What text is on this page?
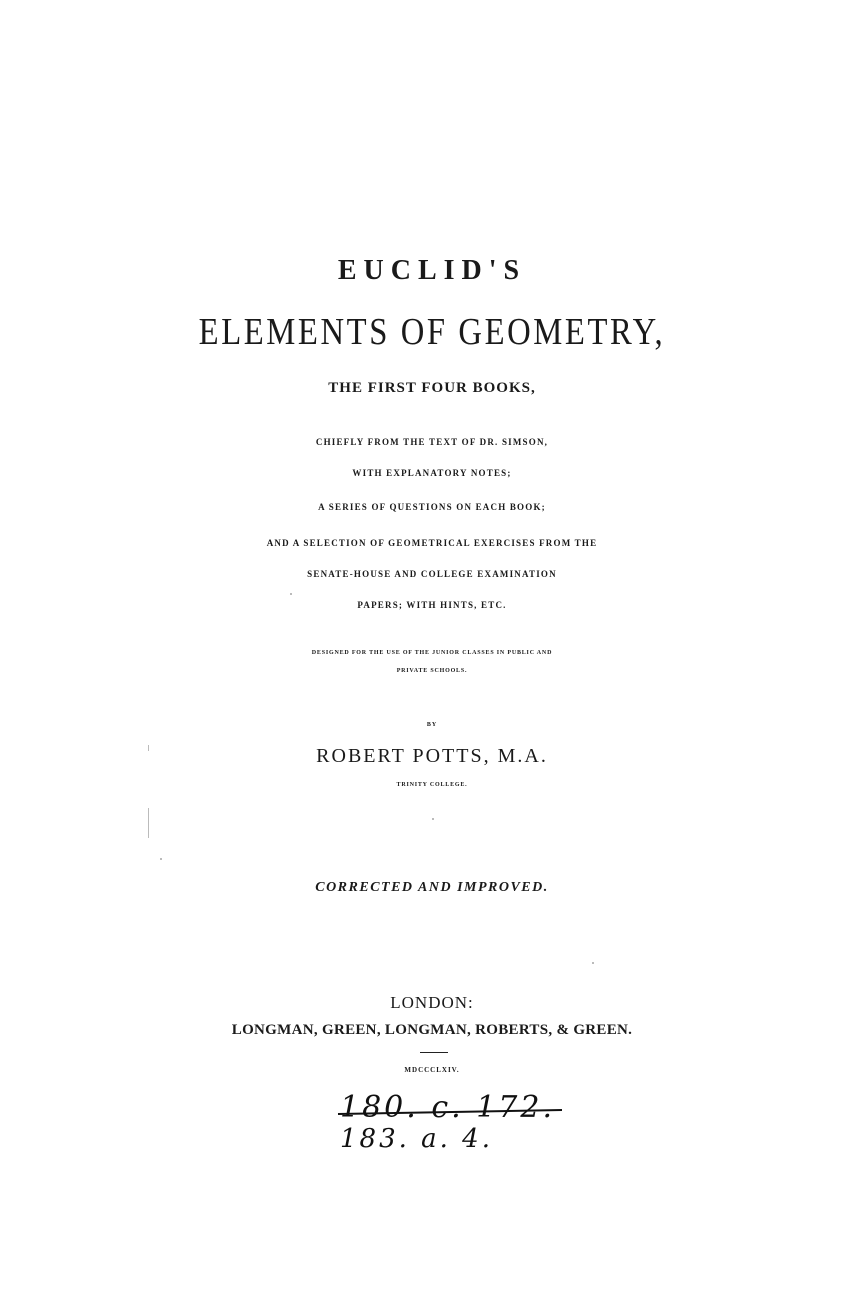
EUCLID'S
ELEMENTS OF GEOMETRY,
THE FIRST FOUR BOOKS,
CHIEFLY FROM THE TEXT OF DR. SIMSON,
WITH EXPLANATORY NOTES;
A SERIES OF QUESTIONS ON EACH BOOK;
AND A SELECTION OF GEOMETRICAL EXERCISES FROM THE
SENATE-HOUSE AND COLLEGE EXAMINATION
PAPERS; WITH HINTS, ETC.
DESIGNED FOR THE USE OF THE JUNIOR CLASSES IN PUBLIC AND
PRIVATE SCHOOLS.
BY
ROBERT POTTS, M.A.
TRINITY COLLEGE.
CORRECTED AND IMPROVED.
LONDON:
LONGMAN, GREEN, LONGMAN, ROBERTS, & GREEN.
MDCCCLXIV.
180. c. 172.
183. a. 4.
